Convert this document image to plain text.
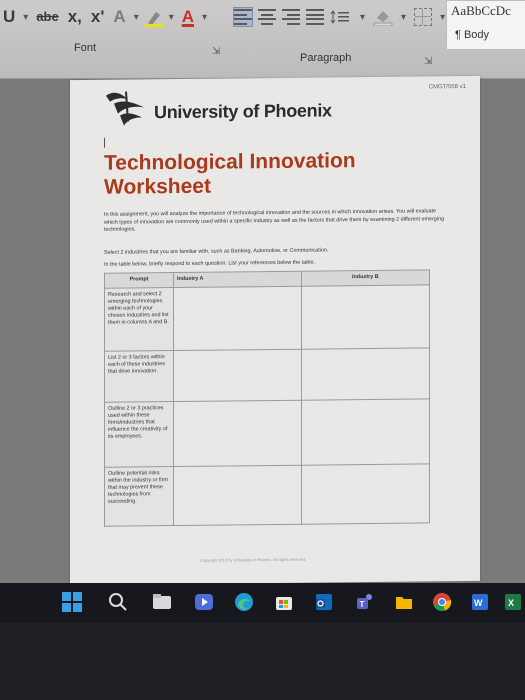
U ▾ abe x, x' A ▾	▾ A ▾	▾	▾	▾
Font	⇲
Paragraph	⇲
AaBbCcDc
¶ Body
CMGT/558 v1
University of Phoenix
Technological Innovation
Worksheet
In this assignment, you will analyze the importance of technological innovation and the sources in which innovation arises. You will evaluate which types of innovation are commonly used within a specific industry as well as the factors that drive them by examining 2 different emerging technologies.
Select 2 industries that you are familiar with, such as Banking, Automotive, or Communication.
In the table below, briefly respond to each question. List your references below the table.
Prompt	Industry A	Industry B
Research and select 2 emerging technologies within each of your chosen industries and list them in columns A and B.		
List 2 or 3 factors within each of these industries that drive innovation.		
Outline 2 or 3 practices used within these firms/industries that influence the creativity of its employees.		
Outline potential risks within the industry or firm that may prevent these technologies from succeeding.		
Copyright 2019 by University of Phoenix. All rights reserved.
T	W	X
